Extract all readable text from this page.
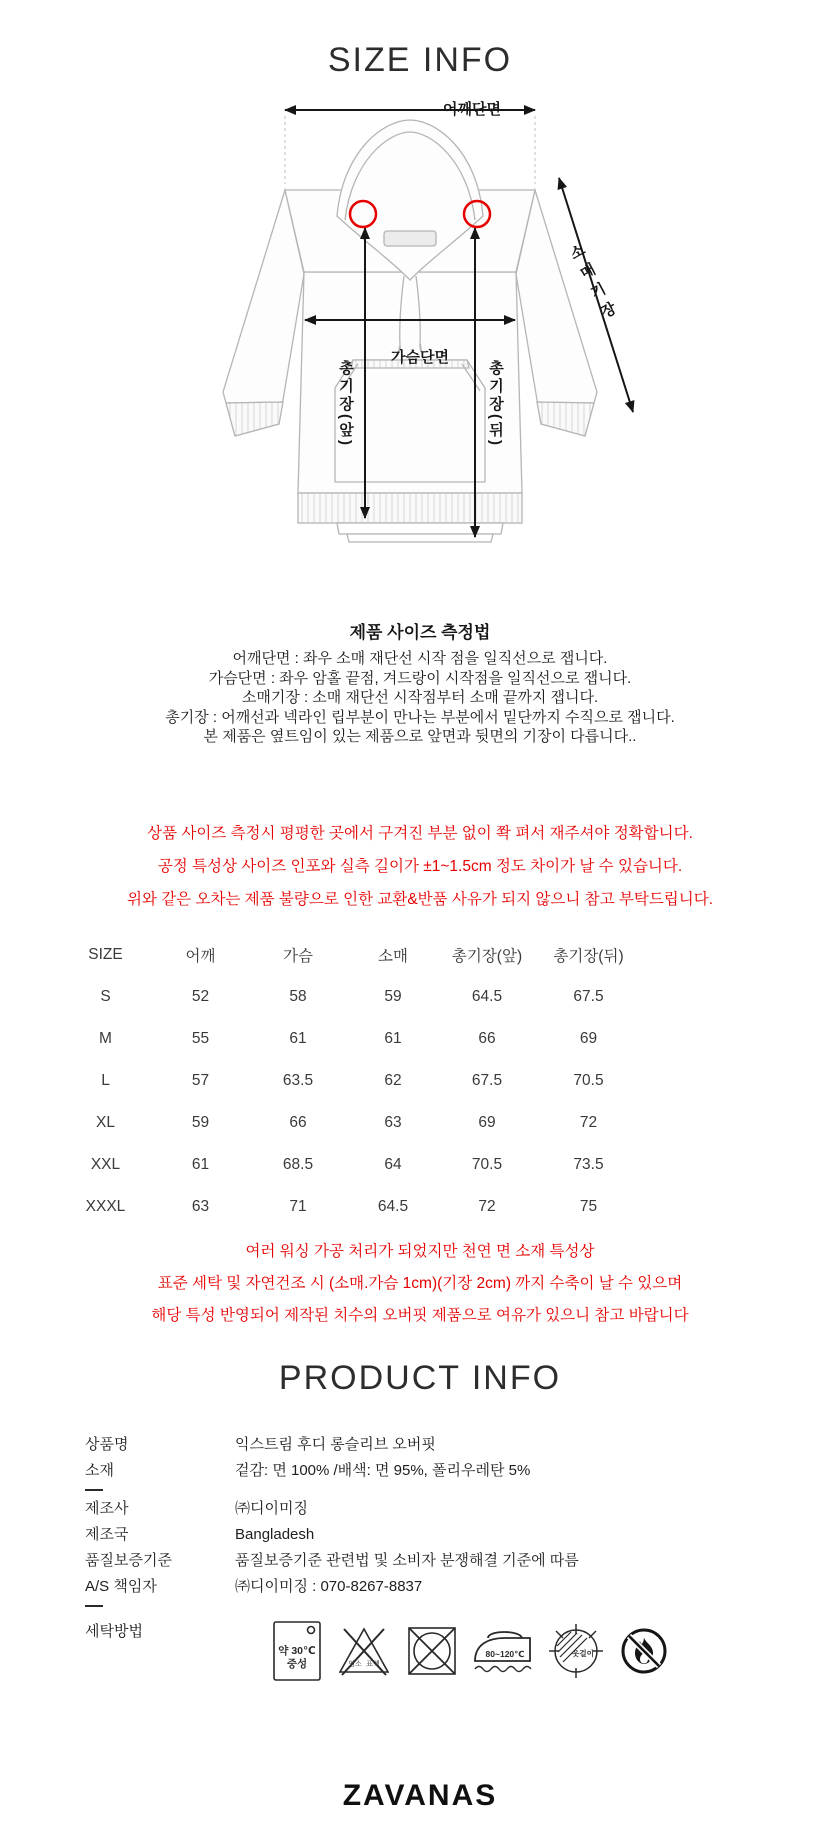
SIZE INFO
어깨단면
가슴단면
총기장(앞)	총기장(뒤)
소매기장
제품 사이즈 측정법
어깨단면 : 좌우 소매 재단선 시작 점을 일직선으로 잽니다.
가슴단면 : 좌우 암홀 끝점, 겨드랑이 시작점을 일직선으로 잽니다.
소매기장 : 소매 재단선 시작점부터 소매 끝까지 잽니다.
총기장 : 어깨선과 넥라인 립부분이 만나는 부분에서 밑단까지 수직으로 잽니다.
본 제품은 옆트임이 있는 제품으로 앞면과 뒷면의 기장이 다릅니다..
상품 사이즈 측정시 평평한 곳에서 구겨진 부분 없이 쫙 펴서 재주셔야 정확합니다.
공정 특성상 사이즈 인포와 실측 길이가 ±1~1.5cm 정도 차이가 날 수 있습니다.
위와 같은 오차는 제품 불량으로 인한 교환&반품 사유가 되지 않으니 참고 부탁드립니다.
SIZE	어깨	가슴	소매	총기장(앞)	총기장(뒤)
S	52	58	59	64.5	67.5
M	55	61	61	66	69
L	57	63.5	62	67.5	70.5
XL	59	66	63	69	72
XXL	61	68.5	64	70.5	73.5
XXXL	63	71	64.5	72	75
여러 워싱 가공 처리가 되었지만 천연 면 소재 특성상
표준 세탁 및 자연건조 시 (소매.가슴 1cm)(기장 2cm) 까지 수축이 날 수 있으며
해당 특성 반영되어 제작된 치수의 오버핏 제품으로 여유가 있으니 참고 바랍니다
PRODUCT INFO
상품명	익스트림 후디 롱슬리브 오버핏
소재	겉감: 면 100% /배색: 면 95%, 폴리우레탄 5%
제조사	㈜디이미징
제조국	Bangladesh
품질보증기준	품질보증기준 관련법 및 소비자 분쟁해결 기준에 따름
A/S 책임자	㈜디이미징 : 070-8267-8837
세탁방법
약 30℃
중성	염소 표백
80~120℃	옷걸이
ZAVANAS
